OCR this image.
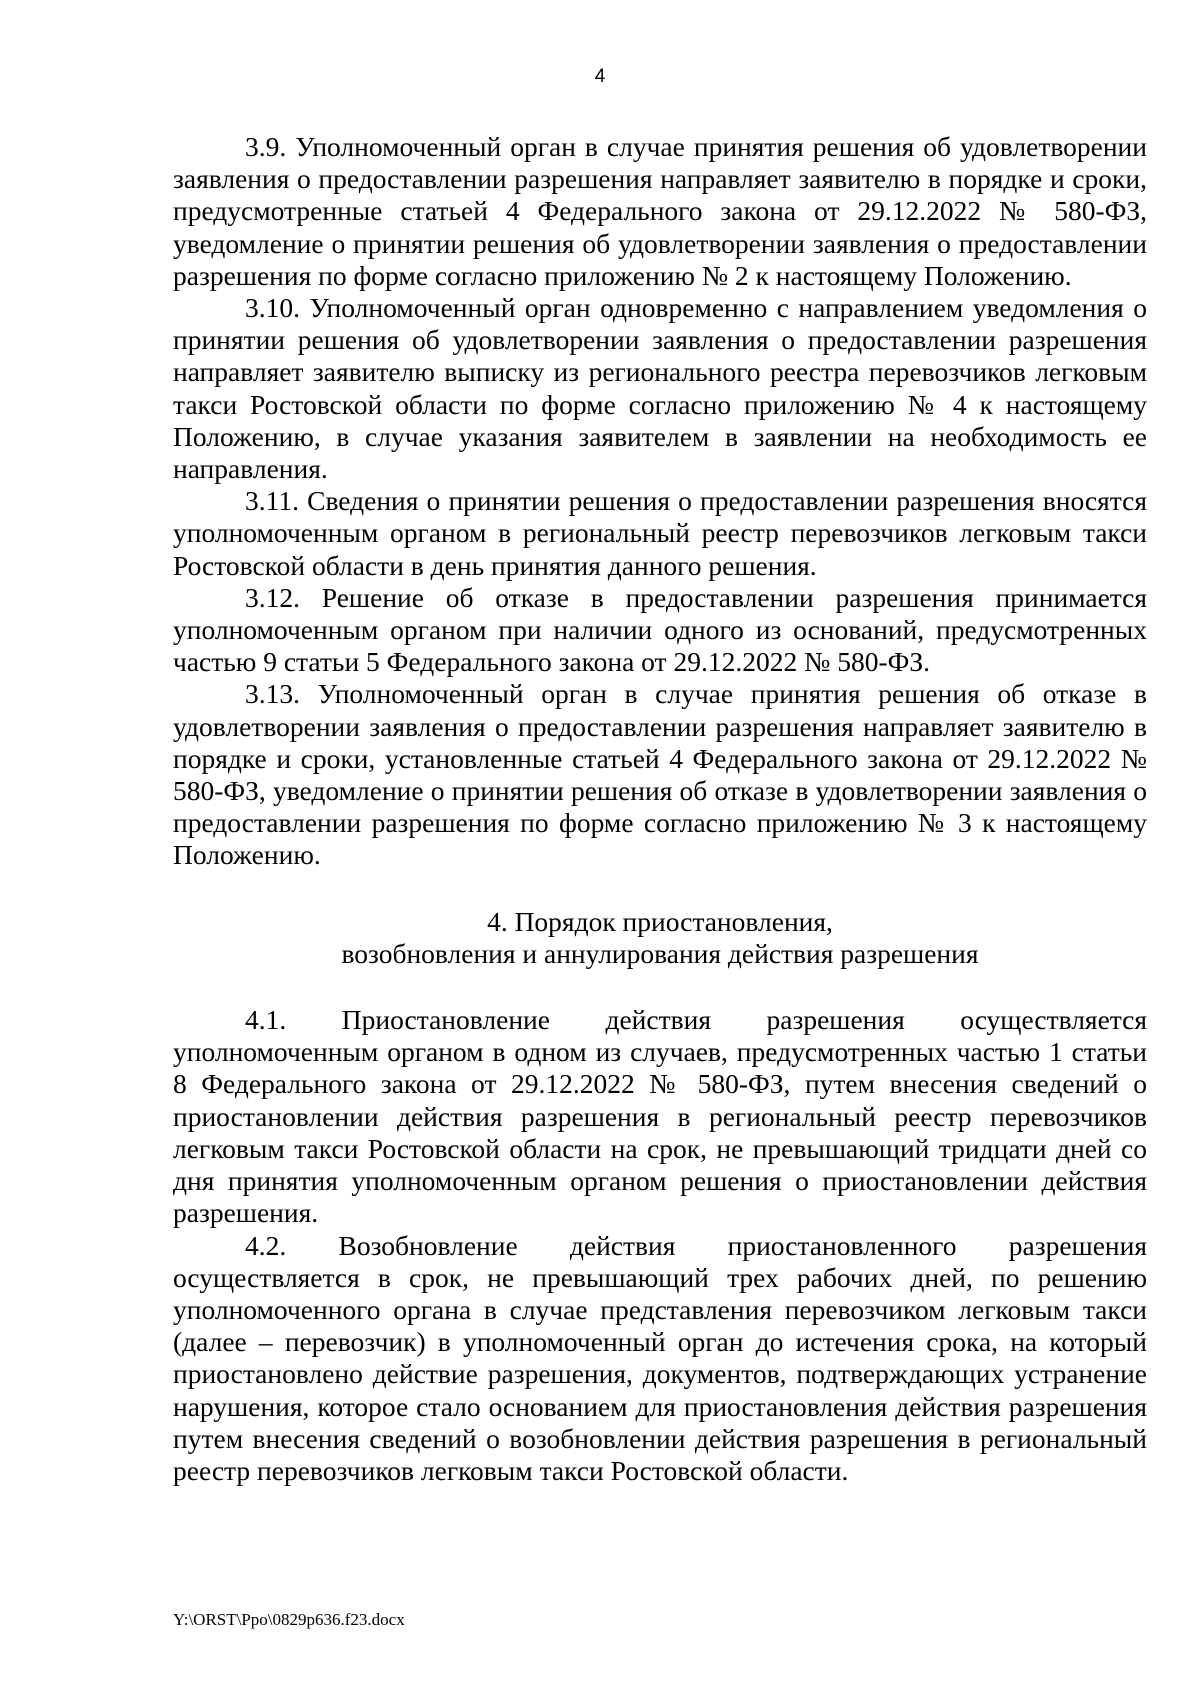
4

3.9. Уполномоченный орган в случае принятия решения об удовлетворении заявления о предоставлении разрешения направляет заявителю в порядке и сроки, предусмотренные статьей 4 Федерального закона от 29.12.2022 № 580-ФЗ, уведомление о принятии решения об удовлетворении заявления о предоставлении разрешения по форме согласно приложению № 2 к настоящему Положению.

3.10. Уполномоченный орган одновременно с направлением уведомления о принятии решения об удовлетворении заявления о предоставлении разрешения направляет заявителю выписку из регионального реестра перевозчиков легковым такси Ростовской области по форме согласно приложению № 4 к настоящему Положению, в случае указания заявителем в заявлении на необходимость ее направления.

3.11. Сведения о принятии решения о предоставлении разрешения вносятся уполномоченным органом в региональный реестр перевозчиков легковым такси Ростовской области в день принятия данного решения.

3.12. Решение об отказе в предоставлении разрешения принимается уполномоченным органом при наличии одного из оснований, предусмотренных частью 9 статьи 5 Федерального закона от 29.12.2022 № 580-ФЗ.

3.13. Уполномоченный орган в случае принятия решения об отказе в удовлетворении заявления о предоставлении разрешения направляет заявителю в порядке и сроки, установленные статьей 4 Федерального закона от 29.12.2022 № 580-ФЗ, уведомление о принятии решения об отказе в удовлетворении заявления о предоставлении разрешения по форме согласно приложению № 3 к настоящему Положению.

4. Порядок приостановления,
возобновления и аннулирования действия разрешения

4.1. Приостановление действия разрешения осуществляется уполномоченным органом в одном из случаев, предусмотренных частью 1 статьи 8 Федерального закона от 29.12.2022 № 580-ФЗ, путем внесения сведений о приостановлении действия разрешения в региональный реестр перевозчиков легковым такси Ростовской области на срок, не превышающий тридцати дней со дня принятия уполномоченным органом решения о приостановлении действия разрешения.

4.2. Возобновление действия приостановленного разрешения осуществляется в срок, не превышающий трех рабочих дней, по решению уполномоченного органа в случае представления перевозчиком легковым такси (далее – перевозчик) в уполномоченный орган до истечения срока, на который приостановлено действие разрешения, документов, подтверждающих устранение нарушения, которое стало основанием для приостановления действия разрешения путем внесения сведений о возобновлении действия разрешения в региональный реестр перевозчиков легковым такси Ростовской области.

Y:\ORST\Ppo\0829p636.f23.docx
